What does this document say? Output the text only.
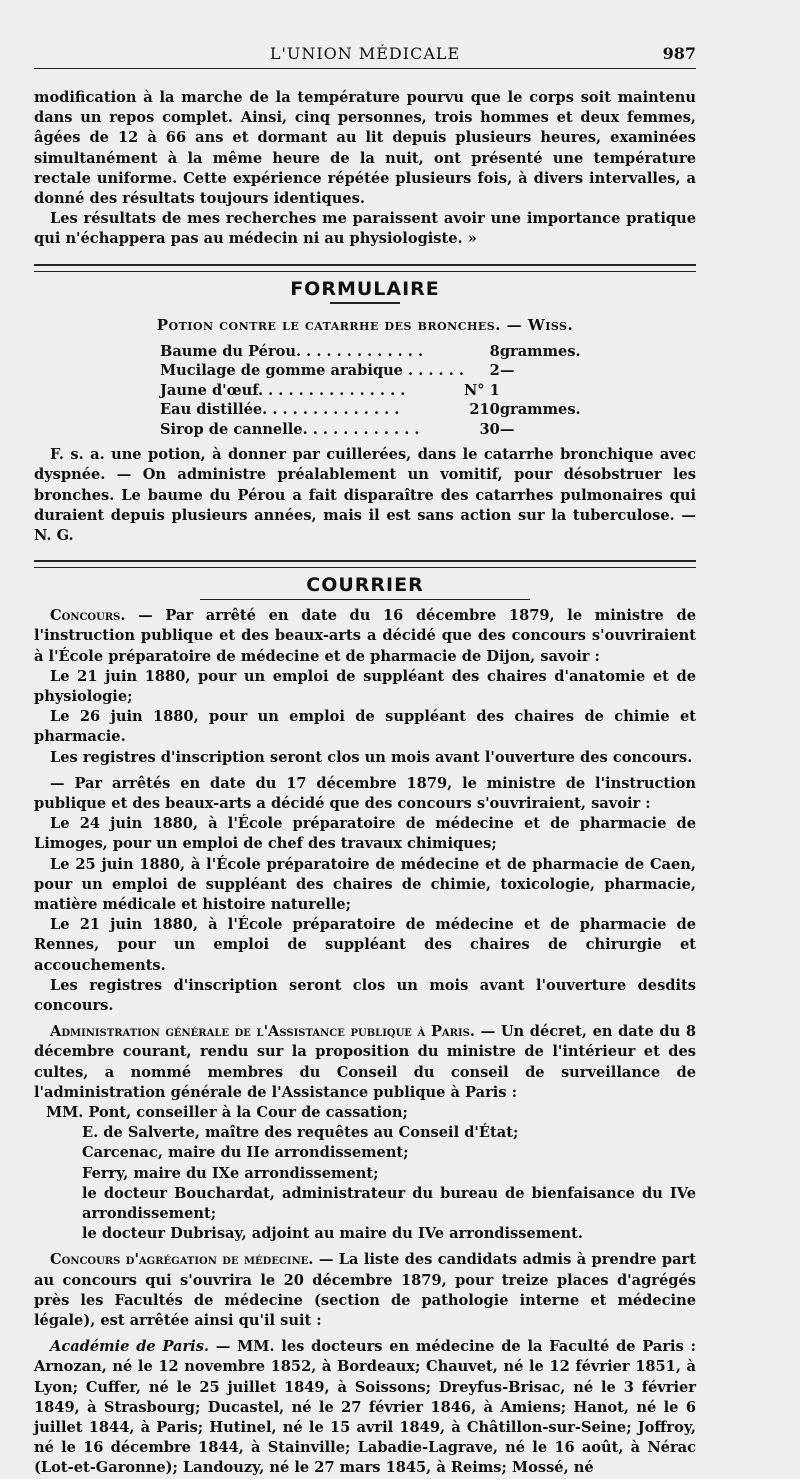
L'UNION MÉDICALE	987

modification à la marche de la température pourvu que le corps soit maintenu dans un repos complet. Ainsi, cinq personnes, trois hommes et deux femmes, âgées de 12 à 66 ans et dormant au lit depuis plusieurs heures, examinées simultanément à la même heure de la nuit, ont présenté une température rectale uniforme. Cette expérience répétée plusieurs fois, à divers intervalles, a donné des résultats toujours identiques.

Les résultats de mes recherches me paraissent avoir une importance pratique qui n'échappera pas au médecin ni au physiologiste. »

FORMULAIRE
Potion contre le catarrhe des bronches. — Wiss.
Baume du Pérou. . . . . . . . . . . . .	8	grammes.
Mucilage de gomme arabique . . . . . .	2	—
Jaune d'œuf. . . . . . . . . . . . . . .	N° 1	
Eau distillée. . . . . . . . . . . . . .	210	grammes.
Sirop de cannelle. . . . . . . . . . . .	30	—

F. s. a. une potion, à donner par cuillerées, dans le catarrhe bronchique avec dyspnée. — On administre préalablement un vomitif, pour désobstruer les bronches. Le baume du Pérou a fait disparaître des catarrhes pulmonaires qui duraient depuis plusieurs années, mais il est sans action sur la tuberculose. — N. G.

COURRIER

Concours. — Par arrêté en date du 16 décembre 1879, le ministre de l'instruction publique et des beaux-arts a décidé que des concours s'ouvriraient à l'École préparatoire de médecine et de pharmacie de Dijon, savoir :

Le 21 juin 1880, pour un emploi de suppléant des chaires d'anatomie et de physiologie;

Le 26 juin 1880, pour un emploi de suppléant des chaires de chimie et pharmacie.

Les registres d'inscription seront clos un mois avant l'ouverture des concours.

— Par arrêtés en date du 17 décembre 1879, le ministre de l'instruction publique et des beaux-arts a décidé que des concours s'ouvriraient, savoir :

Le 24 juin 1880, à l'École préparatoire de médecine et de pharmacie de Limoges, pour un emploi de chef des travaux chimiques;

Le 25 juin 1880, à l'École préparatoire de médecine et de pharmacie de Caen, pour un emploi de suppléant des chaires de chimie, toxicologie, pharmacie, matière médicale et histoire naturelle;

Le 21 juin 1880, à l'École préparatoire de médecine et de pharmacie de Rennes, pour un emploi de suppléant des chaires de chirurgie et accouchements.

Les registres d'inscription seront clos un mois avant l'ouverture desdits concours.

Administration générale de l'Assistance publique à Paris. — Un décret, en date du 8 décembre courant, rendu sur la proposition du ministre de l'intérieur et des cultes, a nommé membres du Conseil du conseil de surveillance de l'administration générale de l'Assistance publique à Paris :

MM. Pont, conseiller à la Cour de cassation;

E. de Salverte, maître des requêtes au Conseil d'État;

Carcenac, maire du IIe arrondissement;

Ferry, maire du IXe arrondissement;

le docteur Bouchardat, administrateur du bureau de bienfaisance du IVe arrondissement;

le docteur Dubrisay, adjoint au maire du IVe arrondissement.

Concours d'agrégation de médecine. — La liste des candidats admis à prendre part au concours qui s'ouvrira le 20 décembre 1879, pour treize places d'agrégés près les Facultés de médecine (section de pathologie interne et médecine légale), est arrêtée ainsi qu'il suit :

Académie de Paris. — MM. les docteurs en médecine de la Faculté de Paris : Arnozan, né le 12 novembre 1852, à Bordeaux; Chauvet, né le 12 février 1851, à Lyon; Cuffer, né le 25 juillet 1849, à Soissons; Dreyfus-Brisac, né le 3 février 1849, à Strasbourg; Ducastel, né le 27 février 1846, à Amiens; Hanot, né le 6 juillet 1844, à Paris; Hutinel, né le 15 avril 1849, à Châtillon-sur-Seine; Joffroy, né le 16 décembre 1844, à Stainville; Labadie-Lagrave, né le 16 août, à Nérac (Lot-et-Garonne); Landouzy, né le 27 mars 1845, à Reims; Mossé, né
